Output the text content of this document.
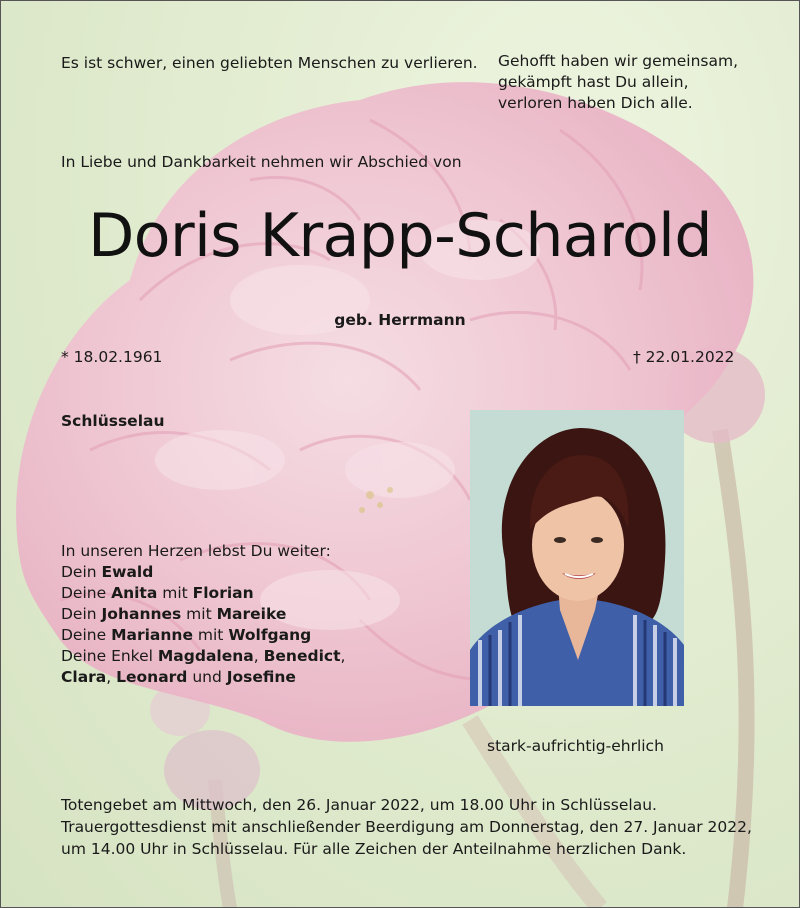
Es ist schwer, einen geliebten Menschen zu verlieren. Gehofft haben wir gemeinsam,
gekämpft hast Du allein,
verloren haben Dich alle.
In Liebe und Dankbarkeit nehmen wir Abschied von
Doris Krapp-Scharold
geb. Herrmann
* 18.02.1961	† 22.01.2022
Schlüsselau
In unseren Herzen lebst Du weiter:
Dein Ewald
Deine Anita mit Florian
Dein Johannes mit Mareike
Deine Marianne mit Wolfgang
Deine Enkel Magdalena, Benedict,
Clara, Leonard und Josefine
stark-aufrichtig-ehrlich
Totengebet am Mittwoch, den 26. Januar 2022, um 18.00 Uhr in Schlüsselau.
Trauergottesdienst mit anschließender Beerdigung am Donnerstag, den 27. Januar 2022,
um 14.00 Uhr in Schlüsselau. Für alle Zeichen der Anteilnahme herzlichen Dank.
